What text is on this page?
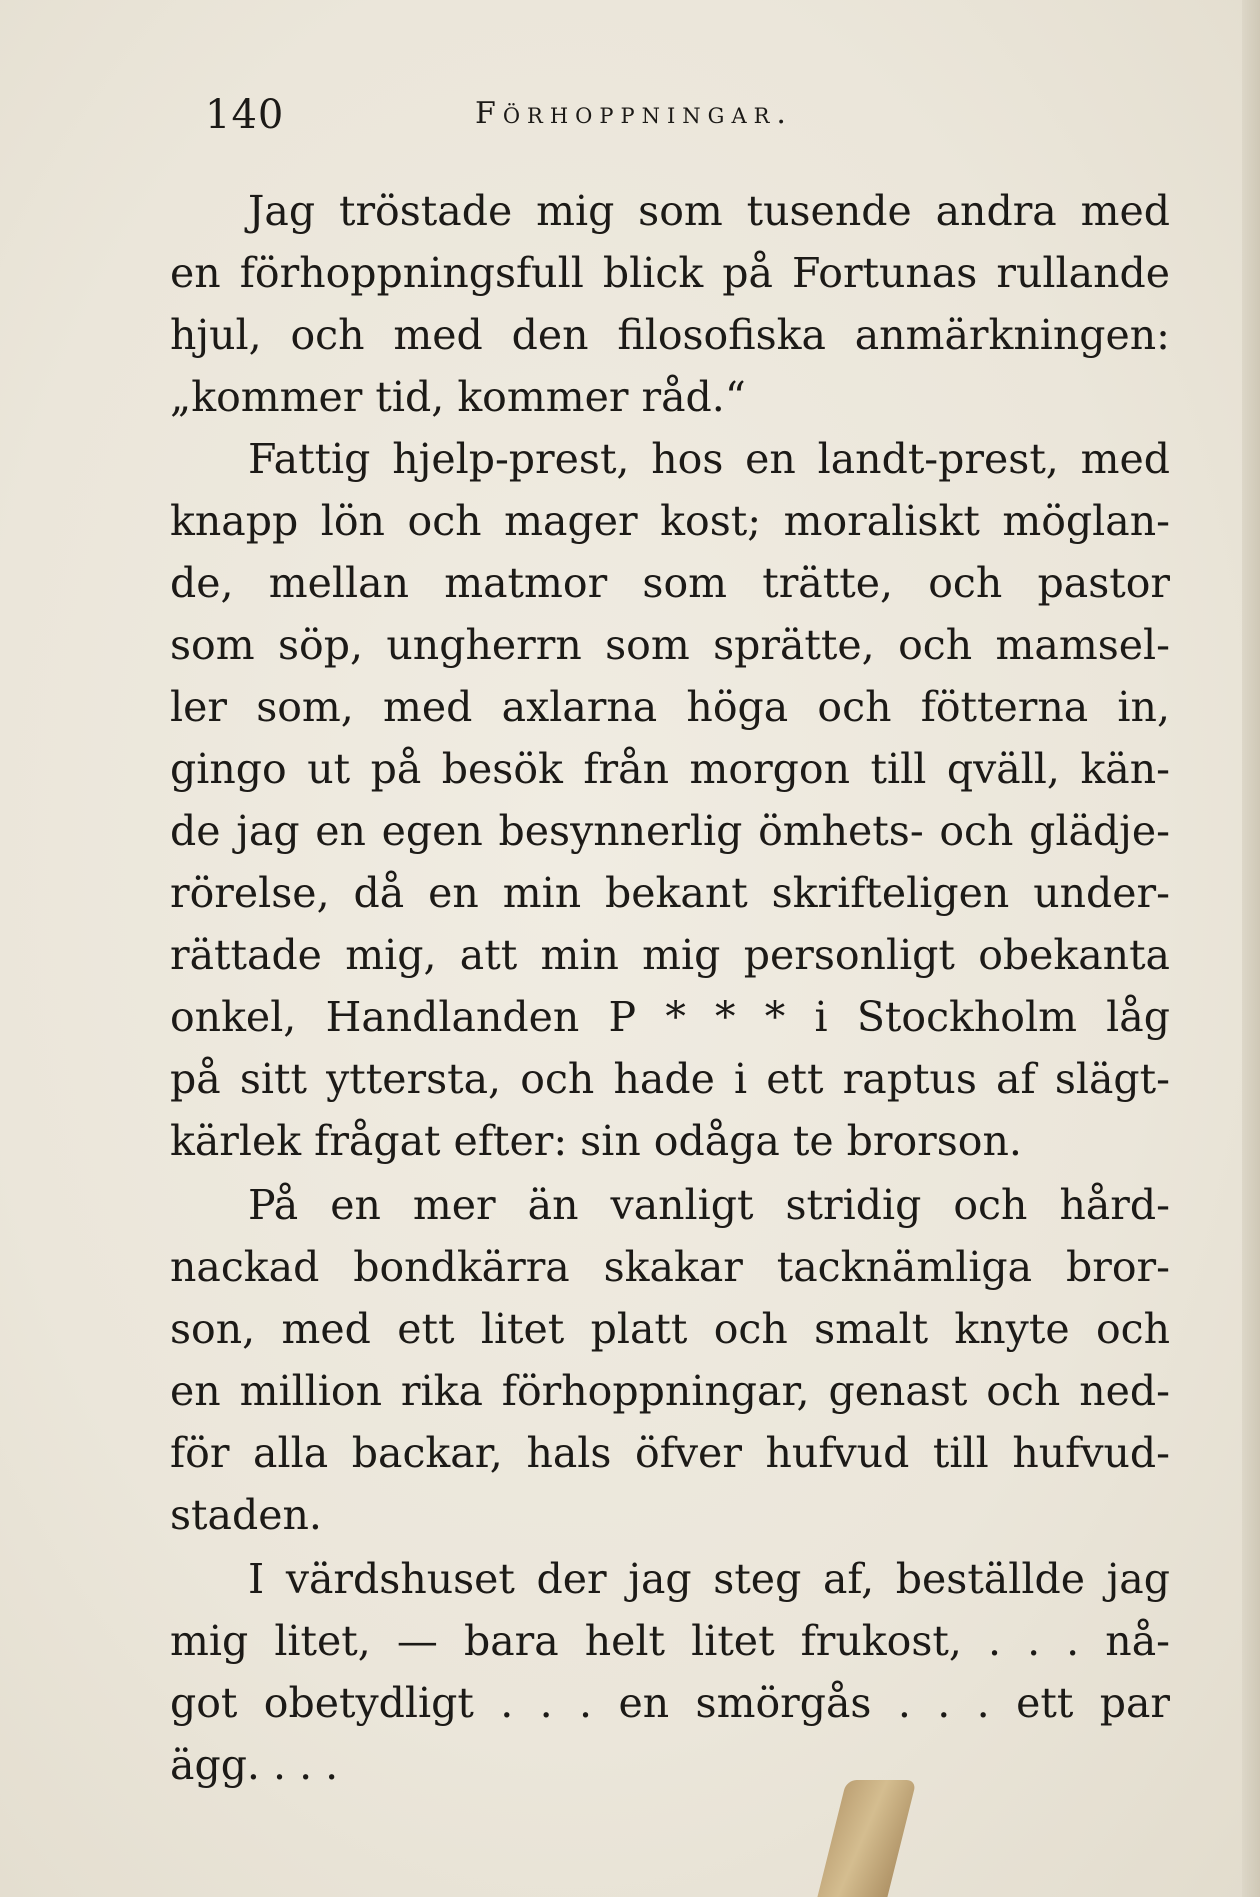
140	Förhoppningar.
Jag tröstade mig som tusende andra med
en förhoppningsfull blick på Fortunas rullande
hjul, och med den filosofiska anmärkningen:
„kommer tid, kommer råd.“
Fattig hjelp-prest, hos en landt-prest, med
knapp lön och mager kost; moraliskt möglan-
de, mellan matmor som trätte, och pastor
som söp, ungherrn som sprätte, och mamsel-
ler som, med axlarna höga och fötterna in,
gingo ut på besök från morgon till qväll, kän-
de jag en egen besynnerlig ömhets- och glädje-
rörelse, då en min bekant skrifteligen under-
rättade mig, att min mig personligt obekanta
onkel, Handlanden P * * * i Stockholm låg
på sitt yttersta, och hade i ett raptus af slägt-
kärlek frågat efter: sin odåga te brorson.
På en mer än vanligt stridig och hård-
nackad bondkärra skakar tacknämliga bror-
son, med ett litet platt och smalt knyte och
en million rika förhoppningar, genast och ned-
för alla backar, hals öfver hufvud till hufvud-
staden.
I värdshuset der jag steg af, beställde jag
mig litet, — bara helt litet frukost, . . . nå-
got obetydligt . . . en smörgås . . . ett par
ägg. . . .
